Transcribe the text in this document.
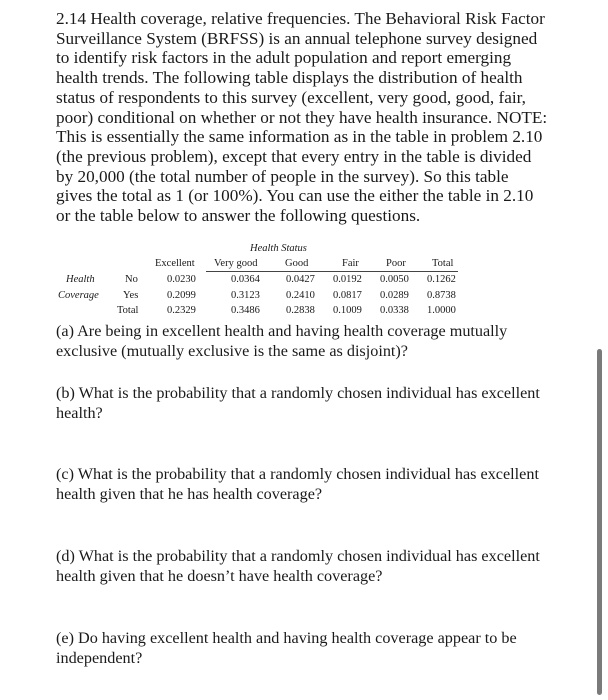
2.14 Health coverage, relative frequencies. The Behavioral Risk Factor Surveillance System (BRFSS) is an annual telephone survey designed to identify risk factors in the adult population and report emerging health trends. The following table displays the distribution of health status of respondents to this survey (excellent, very good, good, fair, poor) conditional on whether or not they have health insurance. NOTE: This is essentially the same information as in the table in problem 2.10 (the previous problem), except that every entry in the table is divided by 20,000 (the total number of people in the survey). So this table gives the total as 1 (or 100%). You can use the either the table in 2.10 or the table below to answer the following questions.

Health Status
Excellent Very good	Good	Fair	Poor Total
Health
Coverage
No	0.0230	0.0364 0.0427 0.0192 0.0050 0.1262
Yes	0.2099	0.3123 0.2410 0.0817 0.0289 0.8738
Total	0.2329	0.3486 0.2838 0.1009 0.0338 1.0000

(a) Are being in excellent health and having health coverage mutually exclusive (mutually exclusive is the same as disjoint)?

(b) What is the probability that a randomly chosen individual has excellent health?

(c) What is the probability that a randomly chosen individual has excellent health given that he has health coverage?

(d) What is the probability that a randomly chosen individual has excellent health given that he doesn’t have health coverage?

(e) Do having excellent health and having health coverage appear to be independent?
